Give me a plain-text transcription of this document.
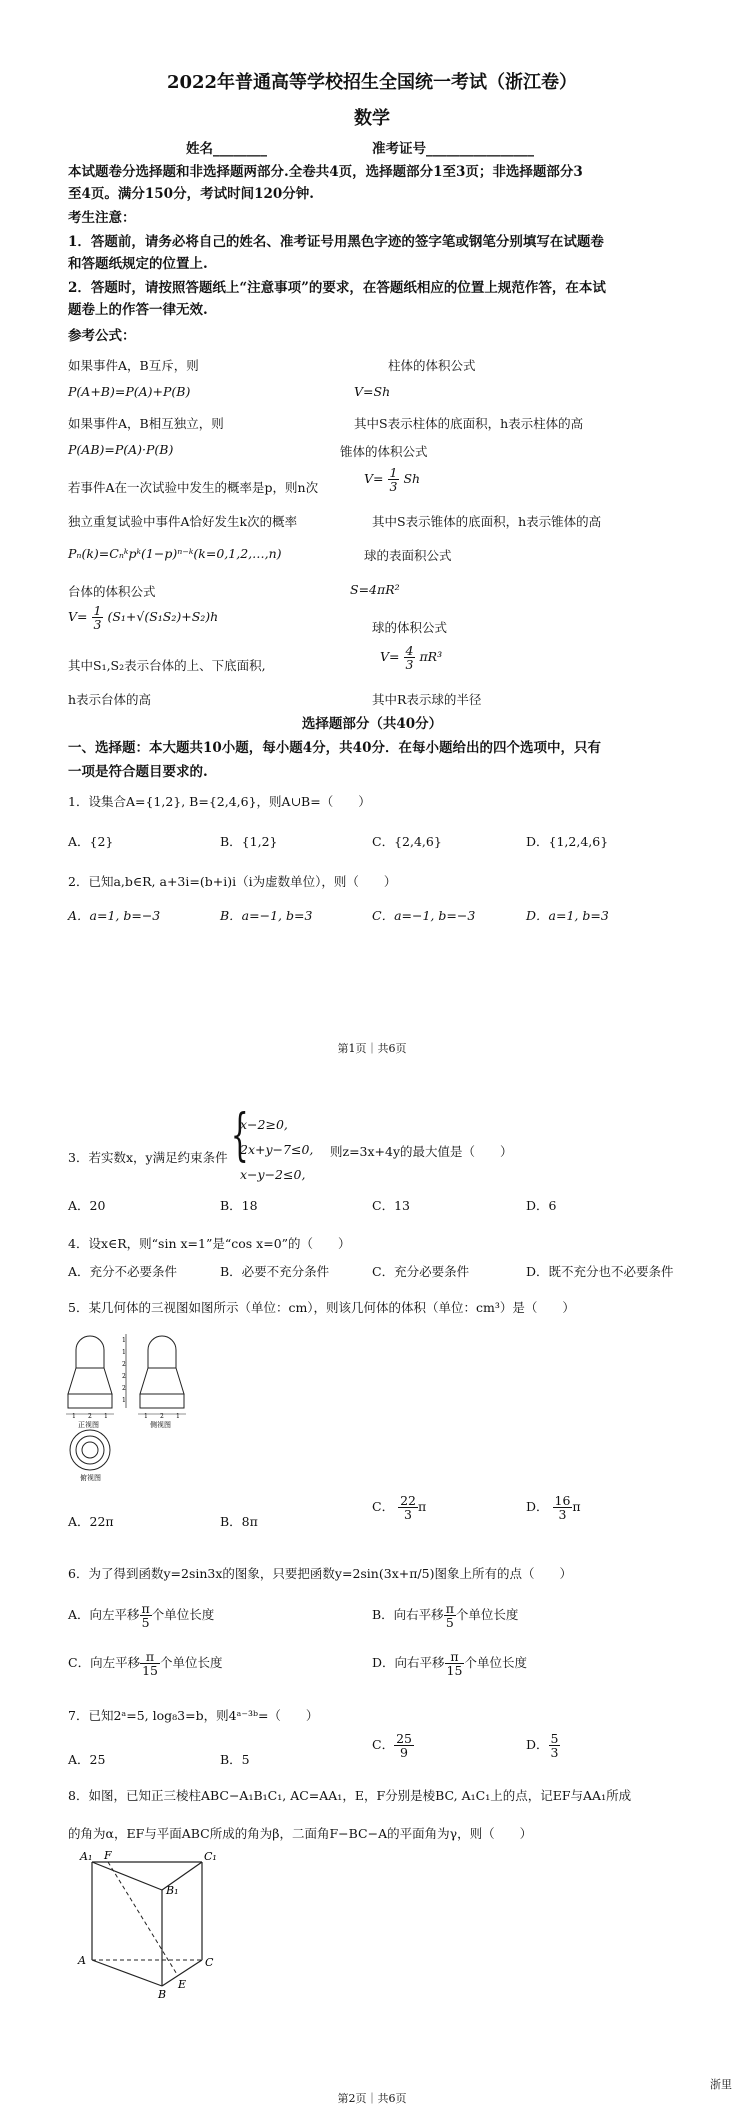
2022年普通高等学校招生全国统一考试（浙江卷）
数学
姓名________	准考证号________________
本试题卷分选择题和非选择题两部分.全卷共4页，选择题部分1至3页；非选择题部分3
至4页。满分150分，考试时间120分钟.
考生注意：
1．答题前，请务必将自己的姓名、准考证号用黑色字迹的签字笔或钢笔分别填写在试题卷
和答题纸规定的位置上.
2．答题时，请按照答题纸上“注意事项”的要求，在答题纸相应的位置上规范作答，在本试
题卷上的作答一律无效.
参考公式：
如果事件A，B互斥，则	柱体的体积公式
P(A+B)=P(A)+P(B)	V=Sh
如果事件A，B相互独立，则	其中S表示柱体的底面积，h表示柱体的高
P(AB)=P(A)·P(B)	锥体的体积公式
若事件A在一次试验中发生的概率是p，则n次
$V= \frac{1}{3}$ Sh
独立重复试验中事件A恰好发生k次的概率	其中S表示锥体的底面积，h表示锥体的高
Pₙ(k)=Cₙᵏpᵏ(1−p)ⁿ⁻ᵏ(k=0,1,2,…,n)	球的表面积公式
台体的体积公式	S=4πR²
$V= \frac{1}{3} (S_1+√(S_1S_2)+S_2)h$
球的体积公式
其中S₁,S₂表示台体的上、下底面积,
$V= \frac{4}{3} \pi R^3$
h表示台体的高	其中R表示球的半径
选择题部分（共40分）
一、选择题：本大题共10小题，每小题4分，共40分．在每小题给出的四个选项中，只有
一项是符合题目要求的.
1．设集合A={1,2}, B={2,4,6}，则A∪B=（　　）
A．{2}	B．{1,2}	C．{2,4,6}	D．{1,2,4,6}
2．已知a,b∈R, a+3i=(b+i)i（i为虚数单位），则（　　）
A．a=1, b=−3	B．a=−1, b=3	C．a=−1, b=−3	D．a=1, b=3
第1页｜共6页
3．若实数x，y满足约束条件 {
x−2≥0,
2x+y−7≤0,
x−y−2≤0,
则z=3x+4y的最大值是（　　）
A．20	B．18	C．13	D．6
4．设x∈R，则“sin x=1”是“cos x=0”的（　　）
A．充分不必要条件	B．必要不充分条件	C．充分必要条件	D．既不充分也不必要条件
5．某几何体的三视图如图所示（单位：cm），则该几何体的体积（单位：cm³）是（　　）
1
1
2
2
2
1
1 2 1	1 2 1
正视图	侧视图
俯视图
A．22π	B．8π
C． $\frac{22}{3}$ π	D． $\frac{16}{3}$ π
6．为了得到函数y=2sin3x的图象，只要把函数y=2sin(3x+π/5)图象上所有的点（　　）
A．向左平移 $\frac{\pi}{5}$ 个单位长度	B．向右平移 $\frac{\pi}{5}$ 个单位长度
C．向左平移 $\frac{\pi}{15}$ 个单位长度	D．向右平移 $\frac{\pi}{15}$ 个单位长度
7．已知2ᵃ=5, log₈3=b，则4ᵃ⁻³ᵇ=（　　）
A．25	B．5
C． $\frac{25}{9}$	D． $\frac{5}{3}$
8．如图，已知正三棱柱ABC−A₁B₁C₁, AC=AA₁，E，F分别是棱BC, A₁C₁上的点，记EF与AA₁所成
的角为α，EF与平面ABC所成的角为β，二面角F−BC−A的平面角为γ，则（　　）
A₁ F	C₁
B₁
A	C
E
B
第2页｜共6页
浙里
